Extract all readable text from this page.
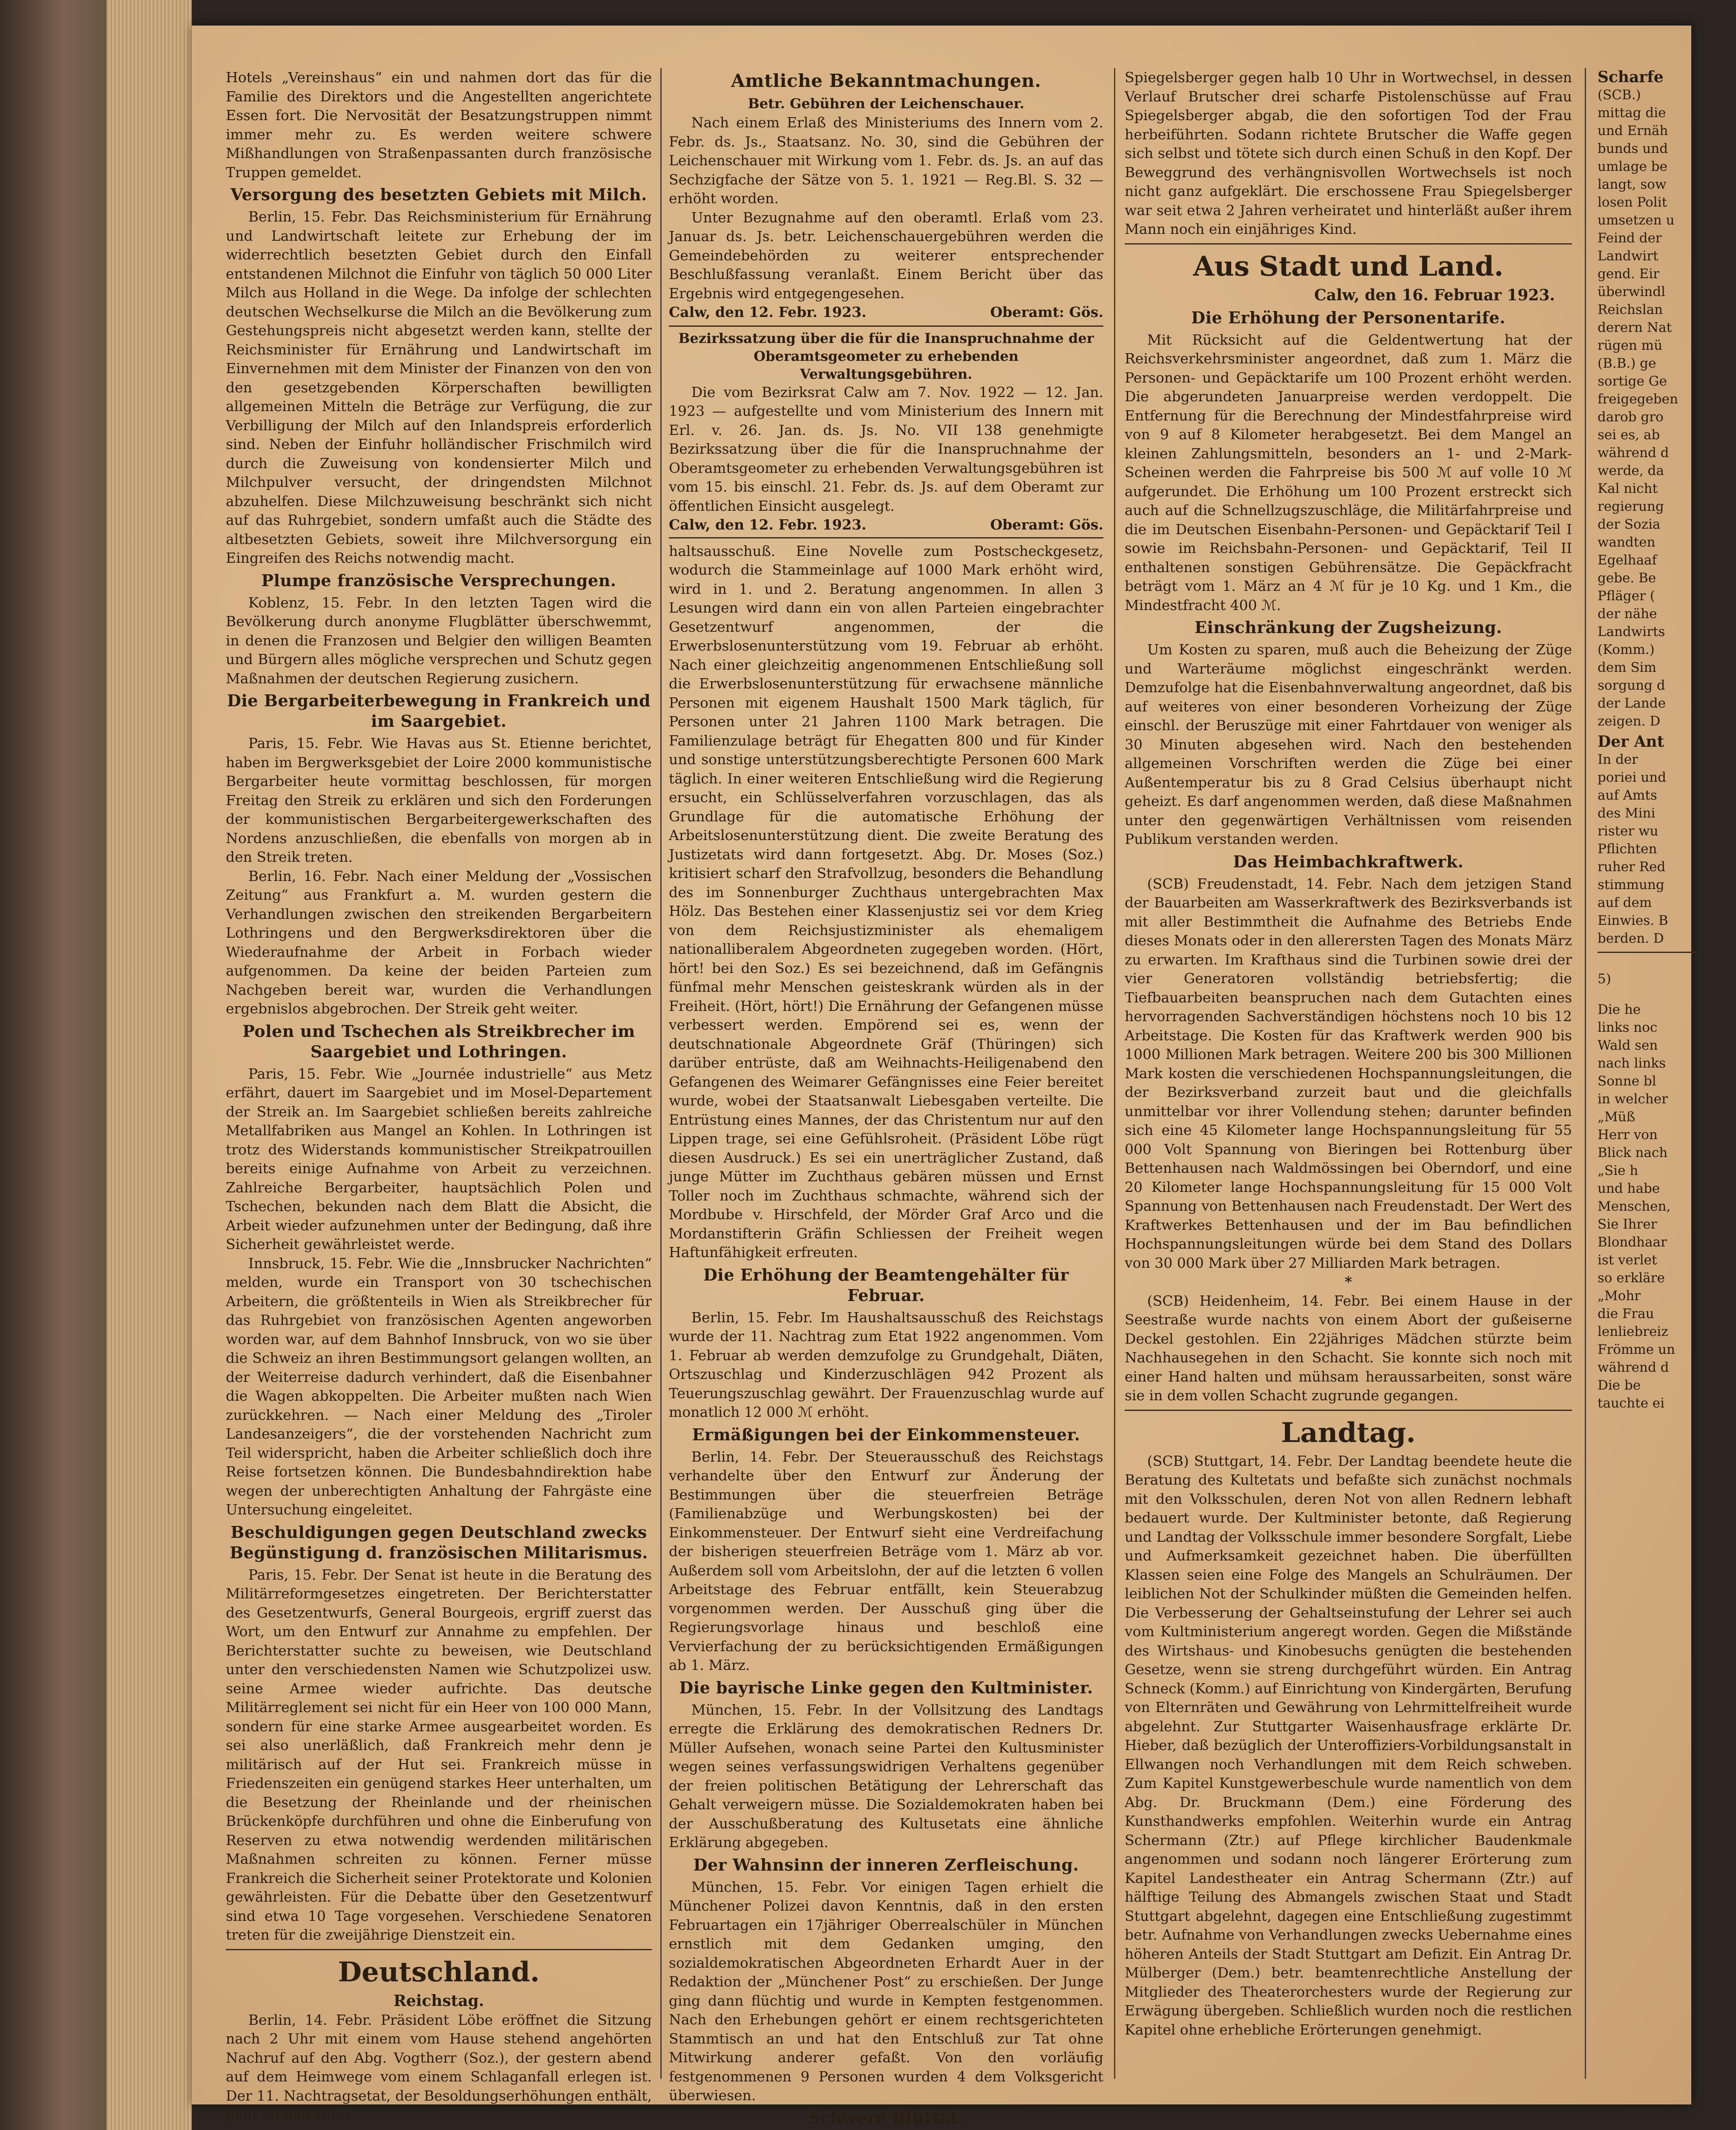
Hotels „Vereinshaus“ ein und nahmen dort das für die Familie des Direktors und die Angestellten angerichtete Essen fort. Die Nervosität der Besatzungstruppen nimmt immer mehr zu. Es werden weitere schwere Mißhandlungen von Straßenpassanten durch französische Truppen gemeldet.

Versorgung des besetzten Gebiets mit Milch.

Berlin, 15. Febr. Das Reichsministerium für Ernährung und Landwirtschaft leitete zur Erhebung der im widerrechtlich besetzten Gebiet durch den Einfall entstandenen Milchnot die Einfuhr von täglich 50 000 Liter Milch aus Holland in die Wege. Da infolge der schlechten deutschen Wechselkurse die Milch an die Bevölkerung zum Gestehungspreis nicht abgesetzt werden kann, stellte der Reichsminister für Ernährung und Landwirtschaft im Einvernehmen mit dem Minister der Finanzen von den von den gesetzgebenden Körperschaften bewilligten allgemeinen Mitteln die Beträge zur Verfügung, die zur Verbilligung der Milch auf den Inlandspreis erforderlich sind. Neben der Einfuhr holländischer Frischmilch wird durch die Zuweisung von kondensierter Milch und Milchpulver versucht, der dringendsten Milchnot abzuhelfen. Diese Milchzuweisung beschränkt sich nicht auf das Ruhrgebiet, sondern umfaßt auch die Städte des altbesetzten Gebiets, soweit ihre Milchversorgung ein Eingreifen des Reichs notwendig macht.

Plumpe französische Versprechungen.

Koblenz, 15. Febr. In den letzten Tagen wird die Bevölkerung durch anonyme Flugblätter überschwemmt, in denen die Franzosen und Belgier den willigen Beamten und Bürgern alles mögliche versprechen und Schutz gegen Maßnahmen der deutschen Regierung zusichern.

Die Bergarbeiterbewegung in Frankreich und im Saargebiet.

Paris, 15. Febr. Wie Havas aus St. Etienne berichtet, haben im Bergwerksgebiet der Loire 2000 kommunistische Bergarbeiter heute vormittag beschlossen, für morgen Freitag den Streik zu erklären und sich den Forderungen der kommunistischen Bergarbeitergewerkschaften des Nordens anzuschließen, die ebenfalls von morgen ab in den Streik treten.

Berlin, 16. Febr. Nach einer Meldung der „Vossischen Zeitung“ aus Frankfurt a. M. wurden gestern die Verhandlungen zwischen den streikenden Bergarbeitern Lothringens und den Bergwerksdirektoren über die Wiederaufnahme der Arbeit in Forbach wieder aufgenommen. Da keine der beiden Parteien zum Nachgeben bereit war, wurden die Verhandlungen ergebnislos abgebrochen. Der Streik geht weiter.

Polen und Tschechen als Streikbrecher im Saargebiet und Lothringen.

Paris, 15. Febr. Wie „Journée industrielle“ aus Metz erfährt, dauert im Saargebiet und im Mosel-Departement der Streik an. Im Saargebiet schließen bereits zahlreiche Metallfabriken aus Mangel an Kohlen. In Lothringen ist trotz des Widerstands kommunistischer Streikpatrouillen bereits einige Aufnahme von Arbeit zu verzeichnen. Zahlreiche Bergarbeiter, hauptsächlich Polen und Tschechen, bekunden nach dem Blatt die Absicht, die Arbeit wieder aufzunehmen unter der Bedingung, daß ihre Sicherheit gewährleistet werde.

Innsbruck, 15. Febr. Wie die „Innsbrucker Nachrichten“ melden, wurde ein Transport von 30 tschechischen Arbeitern, die größtenteils in Wien als Streikbrecher für das Ruhrgebiet von französischen Agenten angeworben worden war, auf dem Bahnhof Innsbruck, von wo sie über die Schweiz an ihren Bestimmungsort gelangen wollten, an der Weiterreise dadurch verhindert, daß die Eisenbahner die Wagen abkoppelten. Die Arbeiter mußten nach Wien zurückkehren. — Nach einer Meldung des „Tiroler Landesanzeigers“, die der vorstehenden Nachricht zum Teil widerspricht, haben die Arbeiter schließlich doch ihre Reise fortsetzen können. Die Bundesbahndirektion habe wegen der unberechtigten Anhaltung der Fahrgäste eine Untersuchung eingeleitet.

Beschuldigungen gegen Deutschland zwecks Begünstigung d. französischen Militarismus.

Paris, 15. Febr. Der Senat ist heute in die Beratung des Militärreformgesetzes eingetreten. Der Berichterstatter des Gesetzentwurfs, General Bourgeois, ergriff zuerst das Wort, um den Entwurf zur Annahme zu empfehlen. Der Berichterstatter suchte zu beweisen, wie Deutschland unter den verschiedensten Namen wie Schutzpolizei usw. seine Armee wieder aufrichte. Das deutsche Militärreglement sei nicht für ein Heer von 100 000 Mann, sondern für eine starke Armee ausgearbeitet worden. Es sei also unerläßlich, daß Frankreich mehr denn je militärisch auf der Hut sei. Frankreich müsse in Friedenszeiten ein genügend starkes Heer unterhalten, um die Besetzung der Rheinlande und der rheinischen Brückenköpfe durchführen und ohne die Einberufung von Reserven zu etwa notwendig werdenden militärischen Maßnahmen schreiten zu können. Ferner müsse Frankreich die Sicherheit seiner Protektorate und Kolonien gewährleisten. Für die Debatte über den Gesetzentwurf sind etwa 10 Tage vorgesehen. Verschiedene Senatoren treten für die zweijährige Dienstzeit ein.

Deutschland.
Reichstag.

Berlin, 14. Febr. Präsident Löbe eröffnet die Sitzung nach 2 Uhr mit einem vom Hause stehend angehörten Nachruf auf den Abg. Vogtherr (Soz.), der gestern abend auf dem Heimwege vom einem Schlaganfall erlegen ist. Der 11. Nachtragsetat, der Besoldungserhöhungen enthält, geht an den Haus-

Amtliche Bekanntmachungen.
Betr. Gebühren der Leichenschauer.

Nach einem Erlaß des Ministeriums des Innern vom 2. Febr. ds. Js., Staatsanz. No. 30, sind die Gebühren der Leichenschauer mit Wirkung vom 1. Febr. ds. Js. an auf das Sechzigfache der Sätze von 5. 1. 1921 — Reg.Bl. S. 32 — erhöht worden.

Unter Bezugnahme auf den oberamtl. Erlaß vom 23. Januar ds. Js. betr. Leichenschauergebühren werden die Gemeindebehörden zu weiterer entsprechender Beschlußfassung veranlaßt. Einem Bericht über das Ergebnis wird entgegengesehen.

Calw, den 12. Febr. 1923.	Oberamt: Gös.
Bezirkssatzung über die für die Inanspruchnahme der Oberamtsgeometer zu erhebenden Verwaltungsgebühren.

Die vom Bezirksrat Calw am 7. Nov. 1922 — 12. Jan. 1923 — aufgestellte und vom Ministerium des Innern mit Erl. v. 26. Jan. ds. Js. No. VII 138 genehmigte Bezirkssatzung über die für die Inanspruchnahme der Oberamtsgeometer zu erhebenden Verwaltungsgebühren ist vom 15. bis einschl. 21. Febr. ds. Js. auf dem Oberamt zur öffentlichen Einsicht ausgelegt.

Calw, den 12. Febr. 1923.	Oberamt: Gös.

haltsausschuß. Eine Novelle zum Postscheckgesetz, wodurch die Stammeinlage auf 1000 Mark erhöht wird, wird in 1. und 2. Beratung angenommen. In allen 3 Lesungen wird dann ein von allen Parteien eingebrachter Gesetzentwurf angenommen, der die Erwerbslosenunterstützung vom 19. Februar ab erhöht. Nach einer gleichzeitig angenommenen Entschließung soll die Erwerbslosenunterstützung für erwachsene männliche Personen mit eigenem Haushalt 1500 Mark täglich, für Personen unter 21 Jahren 1100 Mark betragen. Die Familienzulage beträgt für Ehegatten 800 und für Kinder und sonstige unterstützungsberechtigte Personen 600 Mark täglich. In einer weiteren Entschließung wird die Regierung ersucht, ein Schlüsselverfahren vorzuschlagen, das als Grundlage für die automatische Erhöhung der Arbeitslosenunterstützung dient. Die zweite Beratung des Justizetats wird dann fortgesetzt. Abg. Dr. Moses (Soz.) kritisiert scharf den Strafvollzug, besonders die Behandlung des im Sonnenburger Zuchthaus untergebrachten Max Hölz. Das Bestehen einer Klassenjustiz sei vor dem Krieg von dem Reichsjustizminister als ehemaligem nationalliberalem Abgeordneten zugegeben worden. (Hört, hört! bei den Soz.) Es sei bezeichnend, daß im Gefängnis fünfmal mehr Menschen geisteskrank würden als in der Freiheit. (Hört, hört!) Die Ernährung der Gefangenen müsse verbessert werden. Empörend sei es, wenn der deutschnationale Abgeordnete Gräf (Thüringen) sich darüber entrüste, daß am Weihnachts-Heiligenabend den Gefangenen des Weimarer Gefängnisses eine Feier bereitet wurde, wobei der Staatsanwalt Liebesgaben verteilte. Die Entrüstung eines Mannes, der das Christentum nur auf den Lippen trage, sei eine Gefühlsroheit. (Präsident Löbe rügt diesen Ausdruck.) Es sei ein unerträglicher Zustand, daß junge Mütter im Zuchthaus gebären müssen und Ernst Toller noch im Zuchthaus schmachte, während sich der Mordbube v. Hirschfeld, der Mörder Graf Arco und die Mordanstifterin Gräfin Schliessen der Freiheit wegen Haftunfähigkeit erfreuten.

Die Erhöhung der Beamtengehälter für Februar.

Berlin, 15. Febr. Im Haushaltsausschuß des Reichstags wurde der 11. Nachtrag zum Etat 1922 angenommen. Vom 1. Februar ab werden demzufolge zu Grundgehalt, Diäten, Ortszuschlag und Kinderzuschlägen 942 Prozent als Teuerungszuschlag gewährt. Der Frauenzuschlag wurde auf monatlich 12 000 ℳ erhöht.

Ermäßigungen bei der Einkommensteuer.

Berlin, 14. Febr. Der Steuerausschuß des Reichstags verhandelte über den Entwurf zur Änderung der Bestimmungen über die steuerfreien Beträge (Familienabzüge und Werbungskosten) bei der Einkommensteuer. Der Entwurf sieht eine Verdreifachung der bisherigen steuerfreien Beträge vom 1. März ab vor. Außerdem soll vom Arbeitslohn, der auf die letzten 6 vollen Arbeitstage des Februar entfällt, kein Steuerabzug vorgenommen werden. Der Ausschuß ging über die Regierungsvorlage hinaus und beschloß eine Vervierfachung der zu berücksichtigenden Ermäßigungen ab 1. März.

Die bayrische Linke gegen den Kultminister.

München, 15. Febr. In der Vollsitzung des Landtags erregte die Erklärung des demokratischen Redners Dr. Müller Aufsehen, wonach seine Partei den Kultusminister wegen seines verfassungswidrigen Verhaltens gegenüber der freien politischen Betätigung der Lehrerschaft das Gehalt verweigern müsse. Die Sozialdemokraten haben bei der Ausschußberatung des Kultusetats eine ähnliche Erklärung abgegeben.

Der Wahnsinn der inneren Zerfleischung.

München, 15. Febr. Vor einigen Tagen erhielt die Münchener Polizei davon Kenntnis, daß in den ersten Februartagen ein 17jähriger Oberrealschüler in München ernstlich mit dem Gedanken umging, den sozialdemokratischen Abgeordneten Erhardt Auer in der Redaktion der „Münchener Post“ zu erschießen. Der Junge ging dann flüchtig und wurde in Kempten festgenommen. Nach den Erhebungen gehört er einem rechtsgerichteten Stammtisch an und hat den Entschluß zur Tat ohne Mitwirkung anderer gefaßt. Von den vorläufig festgenommenen 9 Personen wurden 4 dem Volksgericht überwiesen.

Schwere Bluttat.

Spiegelsberger gegen halb 10 Uhr in Wortwechsel, in dessen Verlauf Brutscher drei scharfe Pistolenschüsse auf Frau Spiegelsberger abgab, die den sofortigen Tod der Frau herbeiführten. Sodann richtete Brutscher die Waffe gegen sich selbst und tötete sich durch einen Schuß in den Kopf. Der Beweggrund des verhängnisvollen Wortwechsels ist noch nicht ganz aufgeklärt. Die erschossene Frau Spiegelsberger war seit etwa 2 Jahren verheiratet und hinterläßt außer ihrem Mann noch ein einjähriges Kind.

Aus Stadt und Land.
Calw, den 16. Februar 1923.
Die Erhöhung der Personentarife.

Mit Rücksicht auf die Geldentwertung hat der Reichsverkehrsminister angeordnet, daß zum 1. März die Personen- und Gepäcktarife um 100 Prozent erhöht werden. Die abgerundeten Januarpreise werden verdoppelt. Die Entfernung für die Berechnung der Mindestfahrpreise wird von 9 auf 8 Kilometer herabgesetzt. Bei dem Mangel an kleinen Zahlungsmitteln, besonders an 1- und 2-Mark-Scheinen werden die Fahrpreise bis 500 ℳ auf volle 10 ℳ aufgerundet. Die Erhöhung um 100 Prozent erstreckt sich auch auf die Schnellzugszuschläge, die Militärfahrpreise und die im Deutschen Eisenbahn-Personen- und Gepäcktarif Teil I sowie im Reichsbahn-Personen- und Gepäcktarif, Teil II enthaltenen sonstigen Gebührensätze. Die Gepäckfracht beträgt vom 1. März an 4 ℳ für je 10 Kg. und 1 Km., die Mindestfracht 400 ℳ.

Einschränkung der Zugsheizung.

Um Kosten zu sparen, muß auch die Beheizung der Züge und Warteräume möglichst eingeschränkt werden. Demzufolge hat die Eisenbahnverwaltung angeordnet, daß bis auf weiteres von einer besonderen Vorheizung der Züge einschl. der Beruszüge mit einer Fahrtdauer von weniger als 30 Minuten abgesehen wird. Nach den bestehenden allgemeinen Vorschriften werden die Züge bei einer Außentemperatur bis zu 8 Grad Celsius überhaupt nicht geheizt. Es darf angenommen werden, daß diese Maßnahmen unter den gegenwärtigen Verhältnissen vom reisenden Publikum verstanden werden.

Das Heimbachkraftwerk.

(SCB) Freudenstadt, 14. Febr. Nach dem jetzigen Stand der Bauarbeiten am Wasserkraftwerk des Bezirksverbands ist mit aller Bestimmtheit die Aufnahme des Betriebs Ende dieses Monats oder in den allerersten Tagen des Monats März zu erwarten. Im Krafthaus sind die Turbinen sowie drei der vier Generatoren vollständig betriebsfertig; die Tiefbauarbeiten beanspruchen nach dem Gutachten eines hervorragenden Sachverständigen höchstens noch 10 bis 12 Arbeitstage. Die Kosten für das Kraftwerk werden 900 bis 1000 Millionen Mark betragen. Weitere 200 bis 300 Millionen Mark kosten die verschiedenen Hochspannungsleitungen, die der Bezirksverband zurzeit baut und die gleichfalls unmittelbar vor ihrer Vollendung stehen; darunter befinden sich eine 45 Kilometer lange Hochspannungsleitung für 55 000 Volt Spannung von Bieringen bei Rottenburg über Bettenhausen nach Waldmössingen bei Oberndorf, und eine 20 Kilometer lange Hochspannungsleitung für 15 000 Volt Spannung von Bettenhausen nach Freudenstadt. Der Wert des Kraftwerkes Bettenhausen und der im Bau befindlichen Hochspannungsleitungen würde bei dem Stand des Dollars von 30 000 Mark über 27 Milliarden Mark betragen.

*

(SCB) Heidenheim, 14. Febr. Bei einem Hause in der Seestraße wurde nachts von einem Abort der gußeiserne Deckel gestohlen. Ein 22jähriges Mädchen stürzte beim Nachhausegehen in den Schacht. Sie konnte sich noch mit einer Hand halten und mühsam heraussarbeiten, sonst wäre sie in dem vollen Schacht zugrunde gegangen.

Landtag.

(SCB) Stuttgart, 14. Febr. Der Landtag beendete heute die Beratung des Kultetats und befaßte sich zunächst nochmals mit den Volksschulen, deren Not von allen Rednern lebhaft bedauert wurde. Der Kultminister betonte, daß Regierung und Landtag der Volksschule immer besondere Sorgfalt, Liebe und Aufmerksamkeit gezeichnet haben. Die überfüllten Klassen seien eine Folge des Mangels an Schulräumen. Der leiblichen Not der Schulkinder müßten die Gemeinden helfen. Die Verbesserung der Gehaltseinstufung der Lehrer sei auch vom Kultministerium angeregt worden. Gegen die Mißstände des Wirtshaus- und Kinobesuchs genügten die bestehenden Gesetze, wenn sie streng durchgeführt würden. Ein Antrag Schneck (Komm.) auf Einrichtung von Kindergärten, Berufung von Elternräten und Gewährung von Lehrmittelfreiheit wurde abgelehnt. Zur Stuttgarter Waisenhausfrage erklärte Dr. Hieber, daß bezüglich der Unteroffiziers-Vorbildungsanstalt in Ellwangen noch Verhandlungen mit dem Reich schweben. Zum Kapitel Kunstgewerbeschule wurde namentlich von dem Abg. Dr. Bruckmann (Dem.) eine Förderung des Kunsthandwerks empfohlen. Weiterhin wurde ein Antrag Schermann (Ztr.) auf Pflege kirchlicher Baudenkmale angenommen und sodann noch längerer Erörterung zum Kapitel Landestheater ein Antrag Schermann (Ztr.) auf hälftige Teilung des Abmangels zwischen Staat und Stadt Stuttgart abgelehnt, dagegen eine Entschließung zugestimmt betr. Aufnahme von Verhandlungen zwecks Uebernahme eines höheren Anteils der Stadt Stuttgart am Defizit. Ein Antrag Dr. Mülberger (Dem.) betr. beamtenrechtliche Anstellung der Mitglieder des Theaterorchesters wurde der Regierung zur Erwägung übergeben. Schließlich wurden noch die restlichen Kapitel ohne erhebliche Erörterungen genehmigt.

Scharfe
(SCB.)
mittag die
und Ernäh
bunds und
umlage be
langt, sow
losen Polit
umsetzen u
Feind der
Landwirt
gend. Eir
überwindl
Reichslan
derern Nat
rügen mü
(B.B.) ge
sortige Ge
freigegeben
darob gro
sei es, ab
während d
werde, da
Kal nicht
regierung
der Sozia
wandten
Egelhaaf
gebe. Be
Pfläger (
der nähe
Landwirts
(Komm.)
dem Sim
sorgung d
der Lande
zeigen. D
Der Ant
In der
poriei und
auf Amts
des Mini
rister wu
Pflichten
ruher Red
stimmung
auf dem
Einwies. B
berden. D
5)
Die he
links noc
Wald sen
nach links
Sonne bl
in welcher
„Müß
Herr von
Blick nach
„Sie h
und habe
Menschen,
Sie Ihrer
Blondhaar
ist verlet
so erkläre
„Mohr
die Frau
lenliebreiz
Frömme un
während d
Die be
tauchte ei
